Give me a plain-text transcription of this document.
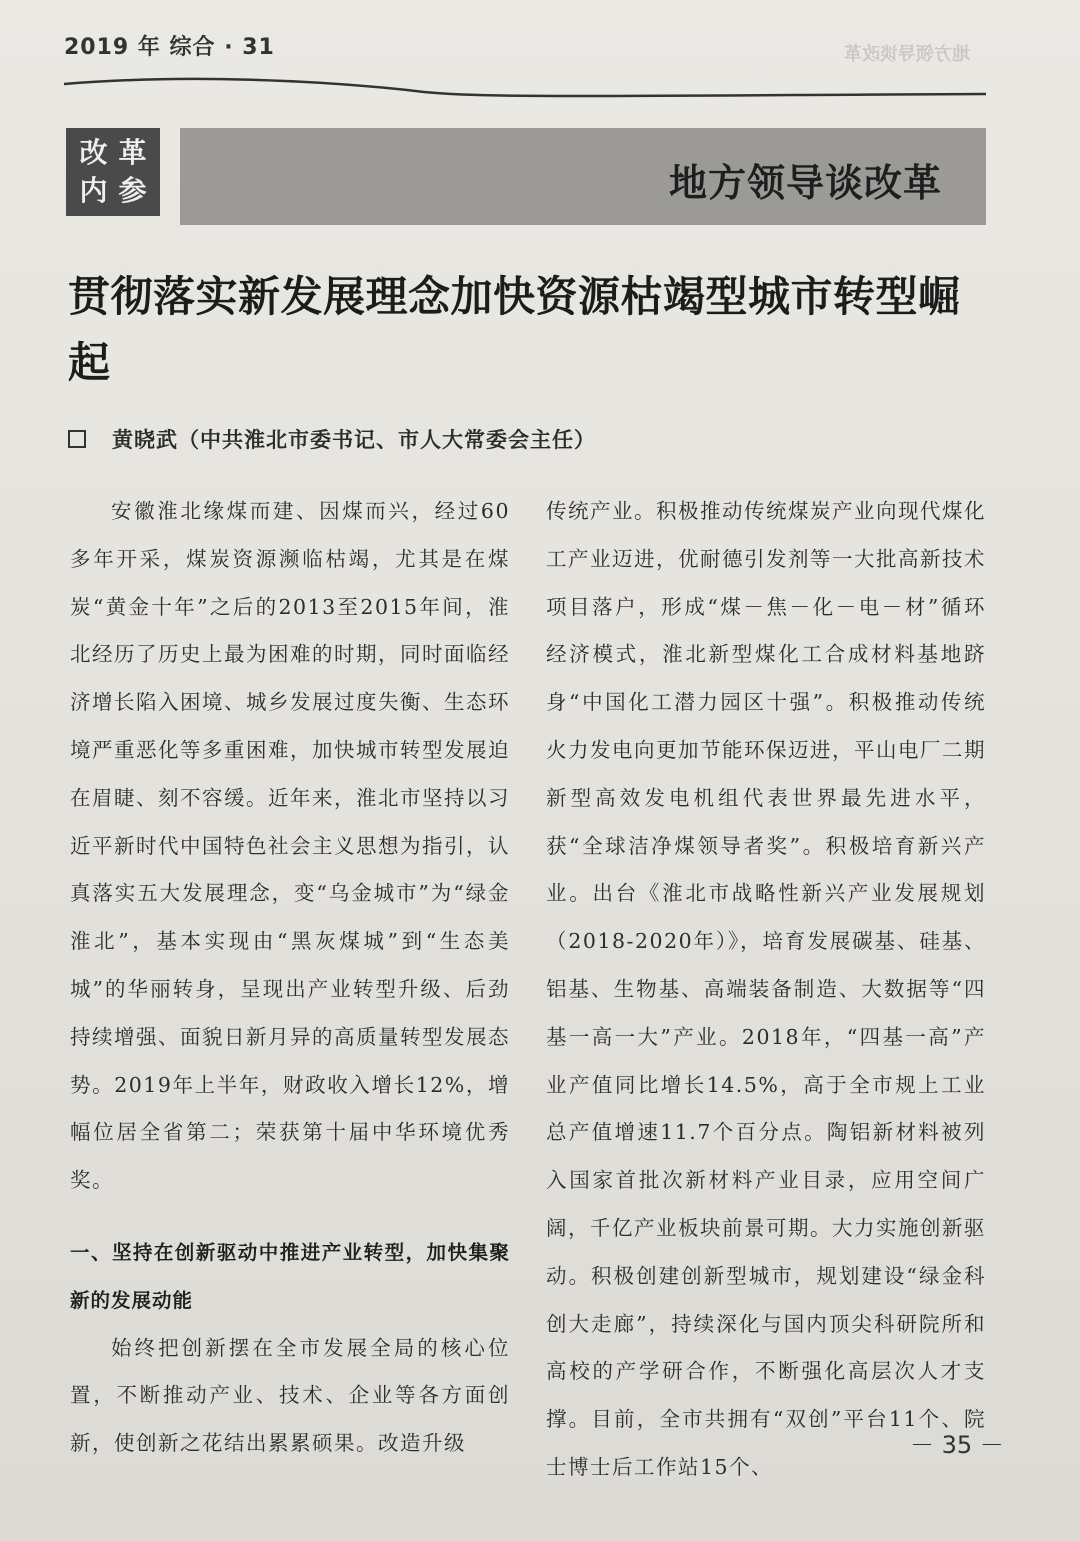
2019 年 综合 · 31	地方领导谈改革
改 革
内 参	地方领导谈改革
贯彻落实新发展理念加快资源枯竭型城市转型崛起
黄晓武（中共淮北市委书记、市人大常委会主任）

安徽淮北缘煤而建、因煤而兴，经过60多年开采，煤炭资源濒临枯竭，尤其是在煤炭“黄金十年”之后的2013至2015年间，淮北经历了历史上最为困难的时期，同时面临经济增长陷入困境、城乡发展过度失衡、生态环境严重恶化等多重困难，加快城市转型发展迫在眉睫、刻不容缓。近年来，淮北市坚持以习近平新时代中国特色社会主义思想为指引，认真落实五大发展理念，变“乌金城市”为“绿金淮北”，基本实现由“黑灰煤城”到“生态美城”的华丽转身，呈现出产业转型升级、后劲持续增强、面貌日新月异的高质量转型发展态势。2019年上半年，财政收入增长12%，增幅位居全省第二；荣获第十届中华环境优秀奖。

一、坚持在创新驱动中推进产业转型，加快集聚新的发展动能

始终把创新摆在全市发展全局的核心位置，不断推动产业、技术、企业等各方面创新，使创新之花结出累累硕果。改造升级

传统产业。积极推动传统煤炭产业向现代煤化工产业迈进，优耐德引发剂等一大批高新技术项目落户，形成“煤－焦－化－电－材”循环经济模式，淮北新型煤化工合成材料基地跻身“中国化工潜力园区十强”。积极推动传统火力发电向更加节能环保迈进，平山电厂二期新型高效发电机组代表世界最先进水平，获“全球洁净煤领导者奖”。积极培育新兴产业。出台《淮北市战略性新兴产业发展规划（2018-2020年）》，培育发展碳基、硅基、铝基、生物基、高端装备制造、大数据等“四基一高一大”产业。2018年，“四基一高”产业产值同比增长14.5%，高于全市规上工业总产值增速11.7个百分点。陶铝新材料被列入国家首批次新材料产业目录，应用空间广阔，千亿产业板块前景可期。大力实施创新驱动。积极创建创新型城市，规划建设“绿金科创大走廊”，持续深化与国内顶尖科研院所和高校的产学研合作，不断强化高层次人才支撑。目前，全市共拥有“双创”平台11个、院士博士后工作站15个、

－ 35 －
